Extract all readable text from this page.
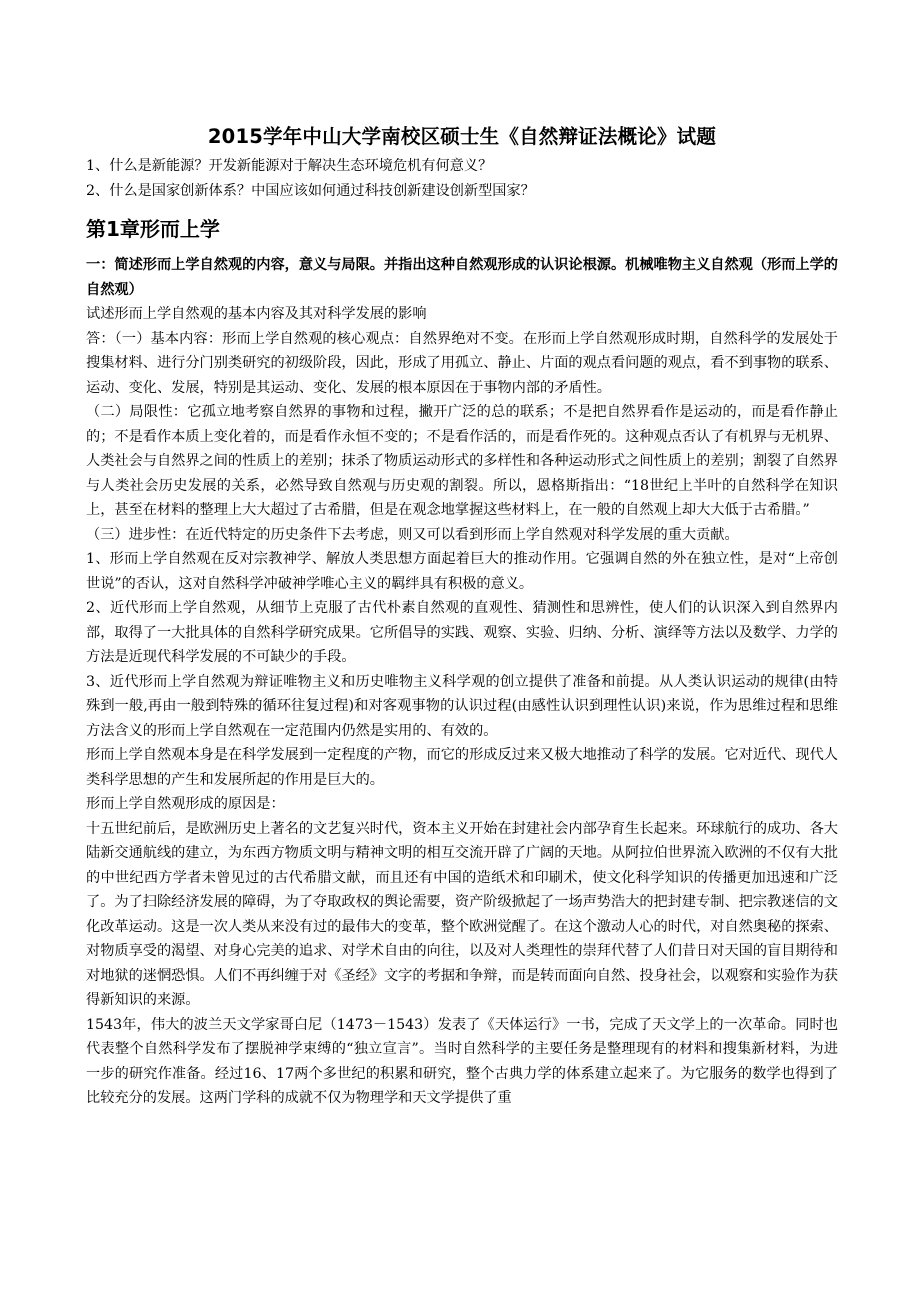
2015学年中山大学南校区硕士生《自然辩证法概论》试题

1、什么是新能源？开发新能源对于解决生态环境危机有何意义？

2、什么是国家创新体系？中国应该如何通过科技创新建设创新型国家？

第1章形而上学

一：简述形而上学自然观的内容，意义与局限。并指出这种自然观形成的认识论根源。机械唯物主义自然观（形而上学的自然观）

试述形而上学自然观的基本内容及其对科学发展的影响

答：（一）基本内容：形而上学自然观的核心观点：自然界绝对不变。在形而上学自然观形成时期，自然科学的发展处于搜集材料、进行分门别类研究的初级阶段，因此，形成了用孤立、静止、片面的观点看问题的观点，看不到事物的联系、运动、变化、发展，特别是其运动、变化、发展的根本原因在于事物内部的矛盾性。

（二）局限性：它孤立地考察自然界的事物和过程，撇开广泛的总的联系；不是把自然界看作是运动的，而是看作静止的；不是看作本质上变化着的，而是看作永恒不变的；不是看作活的，而是看作死的。这种观点否认了有机界与无机界、人类社会与自然界之间的性质上的差别；抹杀了物质运动形式的多样性和各种运动形式之间性质上的差别；割裂了自然界与人类社会历史发展的关系，必然导致自然观与历史观的割裂。所以，恩格斯指出：“18世纪上半叶的自然科学在知识上，甚至在材料的整理上大大超过了古希腊，但是在观念地掌握这些材料上，在一般的自然观上却大大低于古希腊。”

（三）进步性：在近代特定的历史条件下去考虑，则又可以看到形而上学自然观对科学发展的重大贡献。

1、形而上学自然观在反对宗教神学、解放人类思想方面起着巨大的推动作用。它强调自然的外在独立性，是对“上帝创世说”的否认，这对自然科学冲破神学唯心主义的羁绊具有积极的意义。

2、近代形而上学自然观，从细节上克服了古代朴素自然观的直观性、猜测性和思辨性，使人们的认识深入到自然界内部，取得了一大批具体的自然科学研究成果。它所倡导的实践、观察、实验、归纳、分析、演绎等方法以及数学、力学的方法是近现代科学发展的不可缺少的手段。

3、近代形而上学自然观为辩证唯物主义和历史唯物主义科学观的创立提供了准备和前提。从人类认识运动的规律(由特殊到一般,再由一般到特殊的循环往复过程)和对客观事物的认识过程(由感性认识到理性认识)来说，作为思维过程和思维方法含义的形而上学自然观在一定范围内仍然是实用的、有效的。

形而上学自然观本身是在科学发展到一定程度的产物，而它的形成反过来又极大地推动了科学的发展。它对近代、现代人类科学思想的产生和发展所起的作用是巨大的。

形而上学自然观形成的原因是：

十五世纪前后，是欧洲历史上著名的文艺复兴时代，资本主义开始在封建社会内部孕育生长起来。环球航行的成功、各大陆新交通航线的建立，为东西方物质文明与精神文明的相互交流开辟了广阔的天地。从阿拉伯世界流入欧洲的不仅有大批的中世纪西方学者未曾见过的古代希腊文献，而且还有中国的造纸术和印刷术，使文化科学知识的传播更加迅速和广泛了。为了扫除经济发展的障碍，为了夺取政权的舆论需要，资产阶级掀起了一场声势浩大的把封建专制、把宗教迷信的文化改革运动。这是一次人类从来没有过的最伟大的变革，整个欧洲觉醒了。在这个激动人心的时代，对自然奥秘的探索、对物质享受的渴望、对身心完美的追求、对学术自由的向往，以及对人类理性的崇拜代替了人们昔日对天国的盲目期待和对地狱的迷惘恐惧。人们不再纠缠于对《圣经》文字的考据和争辩，而是转而面向自然、投身社会，以观察和实验作为获得新知识的来源。

1543年，伟大的波兰天文学家哥白尼（1473－1543）发表了《天体运行》一书，完成了天文学上的一次革命。同时也代表整个自然科学发布了摆脱神学束缚的“独立宣言”。当时自然科学的主要任务是整理现有的材料和搜集新材料，为进一步的研究作准备。经过16、17两个多世纪的积累和研究，整个古典力学的体系建立起来了。为它服务的数学也得到了比较充分的发展。这两门学科的成就不仅为物理学和天文学提供了重
